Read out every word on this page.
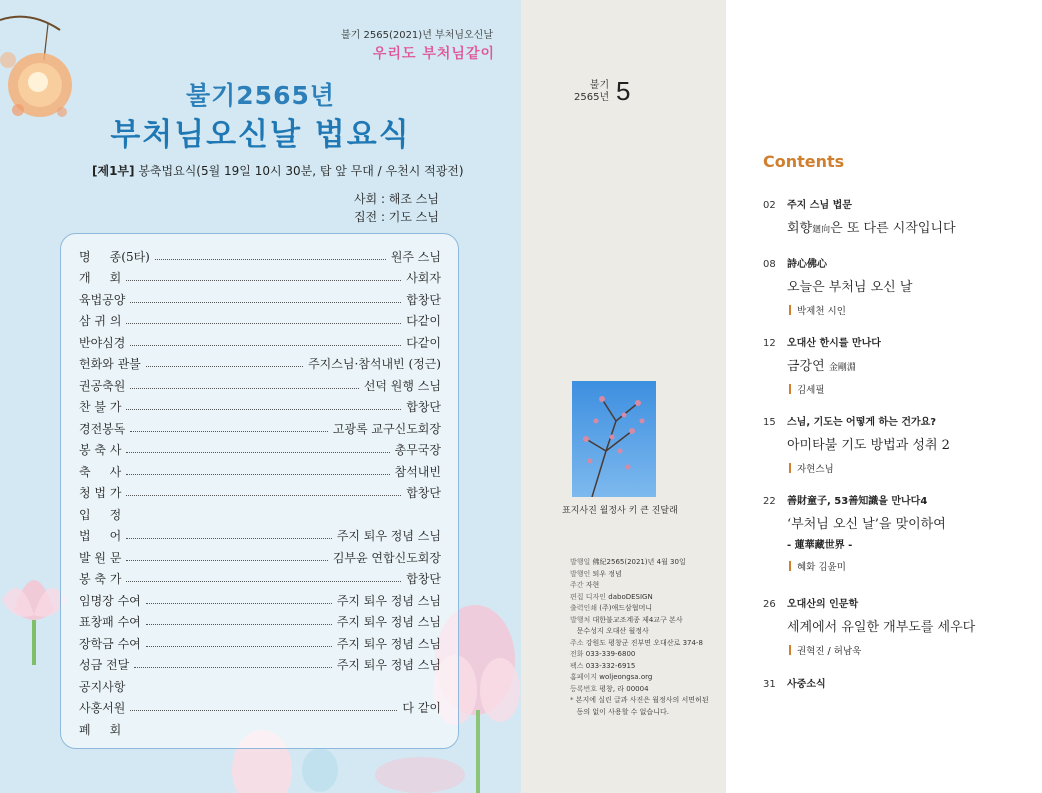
불기 2565(2021)년 부처님오신날
우리도 부처님같이
불기2565년
부처님오신날 법요식
[제1부] 봉축법요식(5월 19일 10시 30분, 탑 앞 무대 / 우천시 적광전)
사회 : 해조 스님
집전 : 기도 스님
명     종(5타)	원주 스님
개     회	사회자
육법공양	합창단
삼 귀 의	다같이
반야심경	다같이
헌화와 관불	주지스님·참석내빈 (정근)
권공축원	선덕 원행 스님
찬 불 가	합창단
경전봉독	고광록 교구신도회장
봉 축 사	총무국장
축     사	참석내빈
청 법 가	합창단
입     정
법     어	주지 퇴우 정념 스님
발 원 문	김부윤 연합신도회장
봉 축 가	합창단
임명장 수여	주지 퇴우 정념 스님
표창패 수여	주지 퇴우 정념 스님
장학금 수여	주지 퇴우 정념 스님
성금 전달	주지 퇴우 정념 스님
공지사항
사홍서원	다 같이
폐     회
불기
2565년 5
표지사진 월정사 키 큰 진달래
발행일 佛紀2565(2021)년 4월 30일
발행인 퇴우 정념
주간 자현
편집 디자인 daboDESIGN
출력인쇄 (주)애드삼협머니
발행처 대한불교조계종 제4교구 본사
문수성지 오대산 월정사
주소 강원도 평창군 진부면 오대산로 374-8
전화 033-339-6800
팩스 033-332-6915
홈페이지 woljeongsa.org
등록번호 평창, 라 00004
* 본지에 실린 글과 사진은 월정사의 서면허된
동의 없이 사용할 수 없습니다.
Contents
02	주지 스님 법문
회향廻向은 또 다른 시작입니다
08	詩心佛心
오늘은 부처님 오신 날
박제천 시인
12	오대산 한시를 만나다
금강연 金剛淵
김세필
15	스님, 기도는 어떻게 하는 건가요?
아미타불 기도 방법과 성취 2
자현스님
22	善財童子, 53善知識을 만나다4
‘부처님 오신 날’을 맞이하여
- 蓮華藏世界 -
혜화 김윤미
26	오대산의 인문학
세계에서 유일한 개부도를 세우다
권혁진 / 허남욱
31	사중소식
